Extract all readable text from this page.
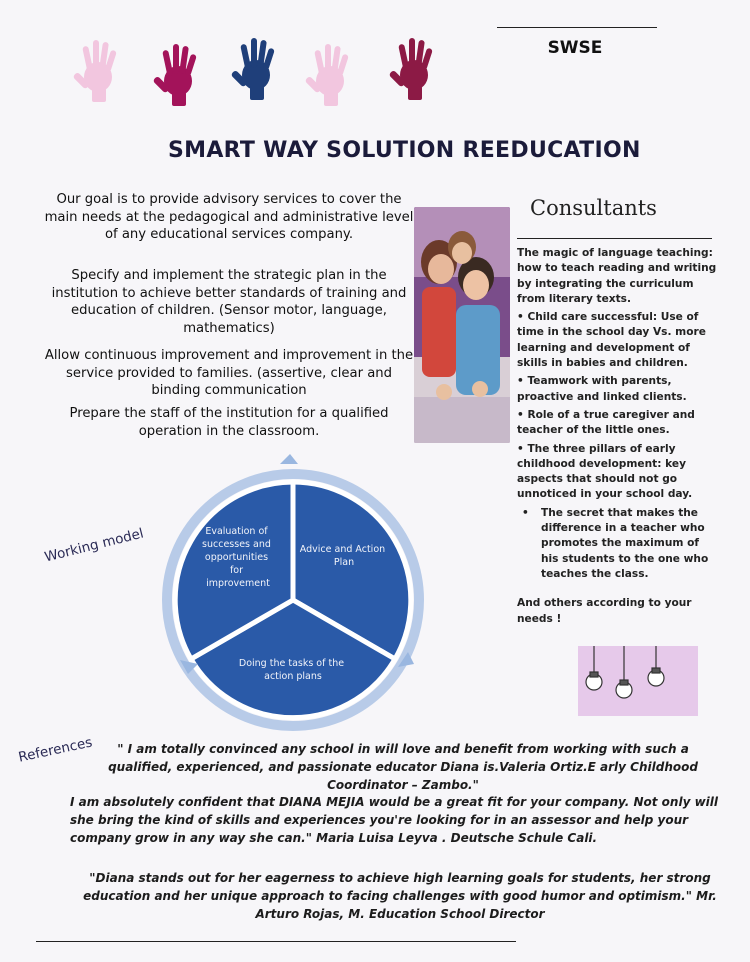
SWSE
SMART WAY SOLUTION REEDUCATION
Our goal is to provide advisory services to cover the main needs at the pedagogical and administrative level of any educational services company.
Specify and implement the strategic plan in the institution to achieve better standards of training and education of children. (Sensor motor, language, mathematics)
Allow continuous improvement and improvement in the service provided to families. (assertive, clear and binding communication
Prepare the staff of the institution for a qualified operation in the classroom.
Consultants

The magic of language teaching: how to teach reading and writing by integrating the curriculum from literary texts.

• Child care successful: Use of time in the school day Vs. more learning and development of skills in babies and children.

• Teamwork with parents, proactive and linked clients.

• Role of a true caregiver and teacher of the little ones.

• The three pillars of early childhood development: key aspects that should not go unnoticed in your school day.

• The secret that makes the difference in a teacher who promotes the maximum of his students to the one who teaches the class.

And others according to your needs !

Evaluation of successes and opportunities for improvement
Advice and Action Plan
Doing the tasks of the action plans
Working model
References	" I am totally convinced any school in will love and benefit from working with such a qualified, experienced, and passionate educator Diana is.Valeria Ortiz.E arly Childhood Coordinator – Zambo."
I am absolutely confident that DIANA MEJIA would be a great fit for your company. Not only will she bring the kind of skills and experiences you're looking for in an assessor and help your company grow in any way she can." Maria Luisa Leyva . Deutsche Schule Cali.
"Diana stands out for her eagerness to achieve high learning goals for students, her strong education and her unique approach to facing challenges with good humor and optimism." Mr. Arturo Rojas, M. Education School Director
